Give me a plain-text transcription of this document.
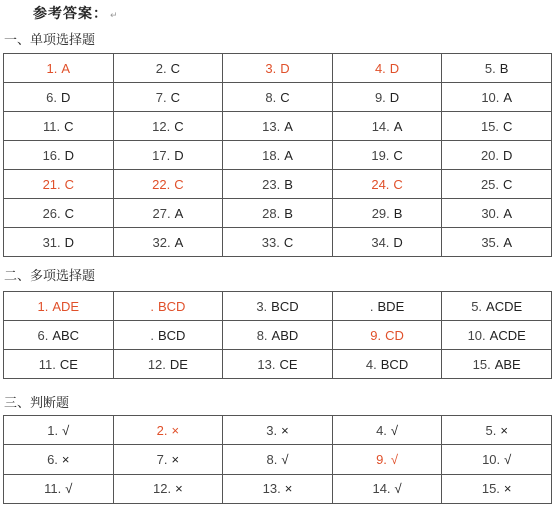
参考答案： ↵
一、单项选择题
1. A	2. C	3. D	4. D	5. B
6. D	7. C	8. C	9. D	10. A
11. C	12. C	13. A	14. A	15. C
16. D	17. D	18. A	19. C	20. D
21. C	22. C	23. B	24. C	25. C
26. C	27. A	28. B	29. B	30. A
31. D	32. A	33. C	34. D	35. A
二、多项选择题
1. ADE	. BCD	3. BCD	. BDE	5. ACDE
6. ABC	. BCD	8. ABD	9. CD	10. ACDE
11. CE	12. DE	13. CE	4. BCD	15. ABE
三、判断题
1. √	2. ×	3. ×	4. √	5. ×
6. ×	7. ×	8. √	9. √	10. √
11. √	12. ×	13. ×	14. √	15. ×
